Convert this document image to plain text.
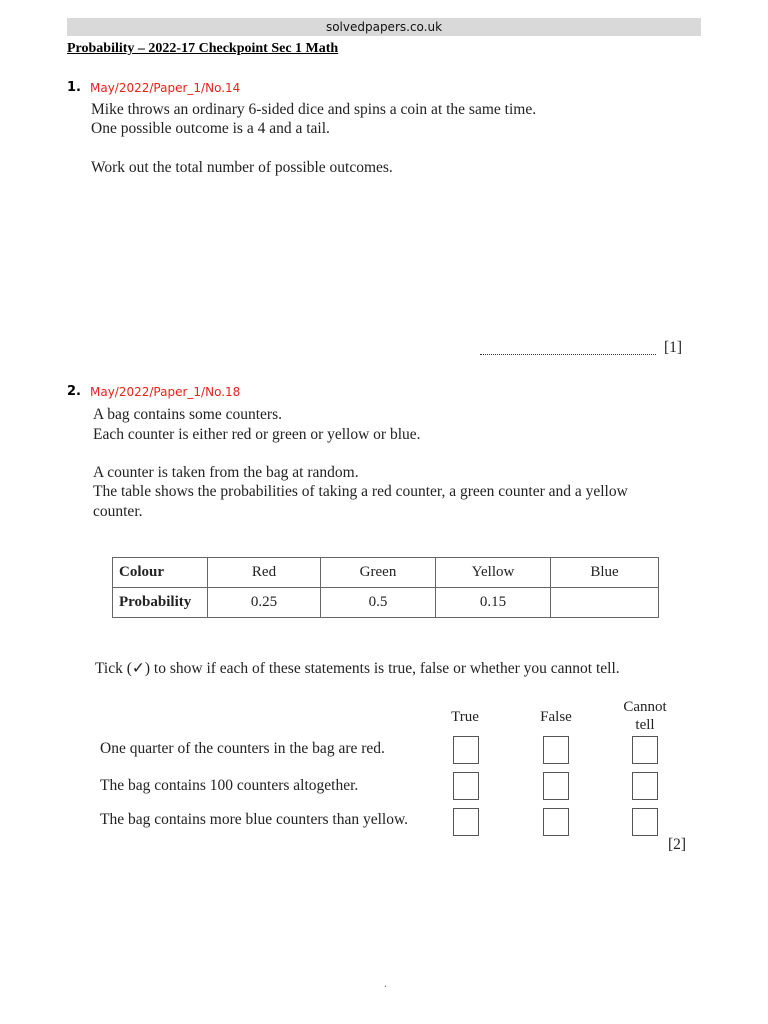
solvedpapers.co.uk
Probability – 2022-17 Checkpoint Sec 1 Math
1. May/2022/Paper_1/No.14
Mike throws an ordinary 6-sided dice and spins a coin at the same time.
One possible outcome is a 4 and a tail.
Work out the total number of possible outcomes.
[1]
2. May/2022/Paper_1/No.18
A bag contains some counters.
Each counter is either red or green or yellow or blue.
A counter is taken from the bag at random.
The table shows the probabilities of taking a red counter, a green counter and a yellow
counter.
Colour	Red	Green	Yellow	Blue
Probability	0.25	0.5	0.15	
Tick (✓) to show if each of these statements is true, false or whether you cannot tell.
True	False
Cannot
tell
One quarter of the counters in the bag are red.
The bag contains 100 counters altogether.
The bag contains more blue counters than yellow.
[2]
.
